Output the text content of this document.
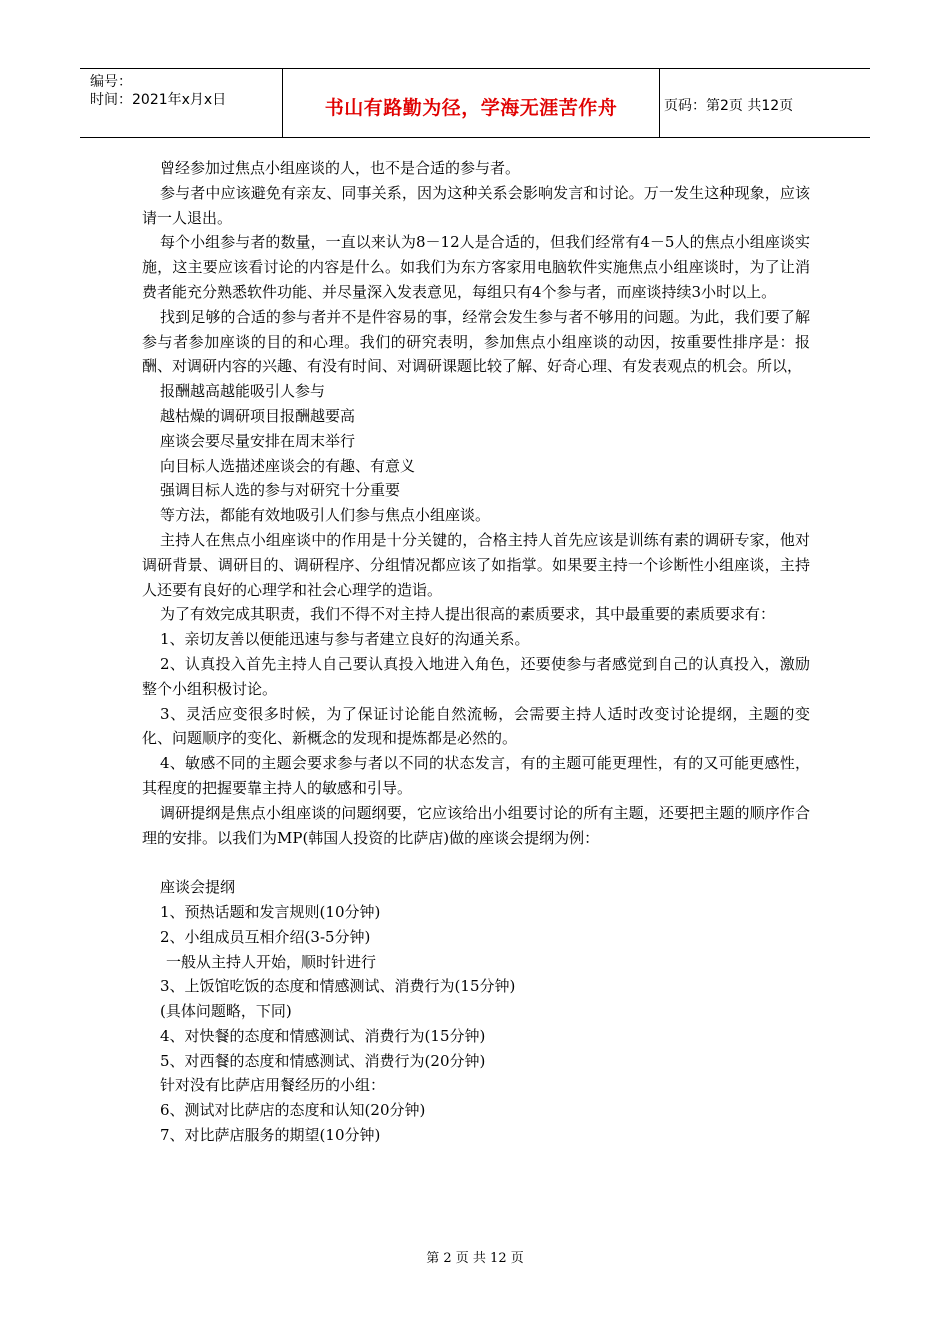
编号：
时间：2021年x月x日	书山有路勤为径，学海无涯苦作舟	页码：第2页 共12页

曾经参加过焦点小组座谈的人，也不是合适的参与者。

参与者中应该避免有亲友、同事关系，因为这种关系会影响发言和讨论。万一发生这种现象，应该请一人退出。

每个小组参与者的数量，一直以来认为8－12人是合适的，但我们经常有4－5人的焦点小组座谈实施，这主要应该看讨论的内容是什么。如我们为东方客家用电脑软件实施焦点小组座谈时，为了让消费者能充分熟悉软件功能、并尽量深入发表意见，每组只有4个参与者，而座谈持续3小时以上。

找到足够的合适的参与者并不是件容易的事，经常会发生参与者不够用的问题。为此，我们要了解参与者参加座谈的目的和心理。我们的研究表明，参加焦点小组座谈的动因，按重要性排序是：报酬、对调研内容的兴趣、有没有时间、对调研课题比较了解、好奇心理、有发表观点的机会。所以，

报酬越高越能吸引人参与

越枯燥的调研项目报酬越要高

座谈会要尽量安排在周末举行

向目标人选描述座谈会的有趣、有意义

强调目标人选的参与对研究十分重要

等方法，都能有效地吸引人们参与焦点小组座谈。

主持人在焦点小组座谈中的作用是十分关键的，合格主持人首先应该是训练有素的调研专家，他对调研背景、调研目的、调研程序、分组情况都应该了如指掌。如果要主持一个诊断性小组座谈，主持人还要有良好的心理学和社会心理学的造诣。

为了有效完成其职责，我们不得不对主持人提出很高的素质要求，其中最重要的素质要求有：

1、亲切友善以便能迅速与参与者建立良好的沟通关系。

2、认真投入首先主持人自己要认真投入地进入角色，还要使参与者感觉到自己的认真投入，激励整个小组积极讨论。

3、灵活应变很多时候，为了保证讨论能自然流畅，会需要主持人适时改变讨论提纲，主题的变化、问题顺序的变化、新概念的发现和提炼都是必然的。

4、敏感不同的主题会要求参与者以不同的状态发言，有的主题可能更理性，有的又可能更感性，其程度的把握要靠主持人的敏感和引导。

调研提纲是焦点小组座谈的问题纲要，它应该给出小组要讨论的所有主题，还要把主题的顺序作合理的安排。以我们为MP(韩国人投资的比萨店)做的座谈会提纲为例：

座谈会提纲

1、预热话题和发言规则(10分钟)

2、小组成员互相介绍(3-5分钟)

一般从主持人开始，顺时针进行

3、上饭馆吃饭的态度和情感测试、消费行为(15分钟)

(具体问题略，下同)

4、对快餐的态度和情感测试、消费行为(15分钟)

5、对西餐的态度和情感测试、消费行为(20分钟)

针对没有比萨店用餐经历的小组：

6、测试对比萨店的态度和认知(20分钟)

7、对比萨店服务的期望(10分钟)

第 2 页 共 12 页
